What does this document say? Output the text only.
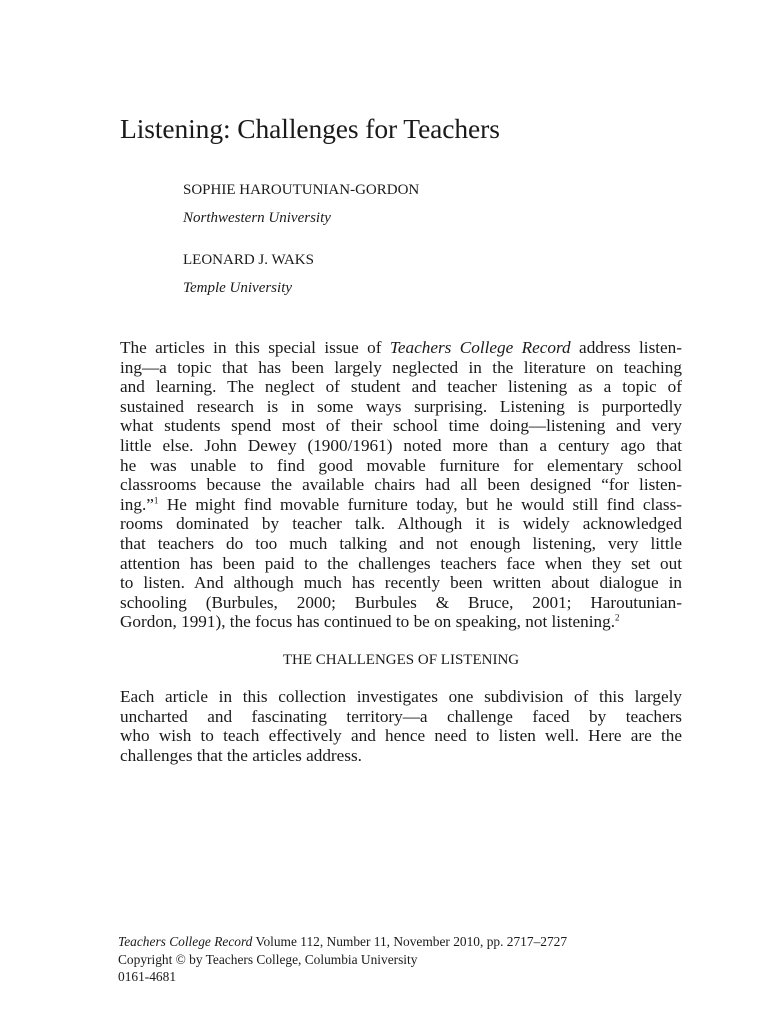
Listening: Challenges for Teachers
SOPHIE HAROUTUNIAN-GORDON
Northwestern University
LEONARD J. WAKS
Temple University
The articles in this special issue of Teachers College Record address listen-
ing—a topic that has been largely neglected in the literature on teaching
and learning. The neglect of student and teacher listening as a topic of
sustained research is in some ways surprising. Listening is purportedly
what students spend most of their school time doing—listening and very
little else. John Dewey (1900/1961) noted more than a century ago that
he was unable to find good movable furniture for elementary school
classrooms because the available chairs had all been designed “for listen-
ing.”$^1$ He might find movable furniture today, but he would still find class-
rooms dominated by teacher talk. Although it is widely acknowledged
that teachers do too much talking and not enough listening, very little
attention has been paid to the challenges teachers face when they set out
to listen. And although much has recently been written about dialogue in
schooling (Burbules, 2000; Burbules & Bruce, 2001; Haroutunian-
Gordon, 1991), the focus has continued to be on speaking, not listening.$^2$
THE CHALLENGES OF LISTENING
Each article in this collection investigates one subdivision of this largely
uncharted and fascinating territory—a challenge faced by teachers
who wish to teach effectively and hence need to listen well. Here are the
challenges that the articles address.
Teachers College Record Volume 112, Number 11, November 2010, pp. 2717–2727
Copyright © by Teachers College, Columbia University
0161-4681
